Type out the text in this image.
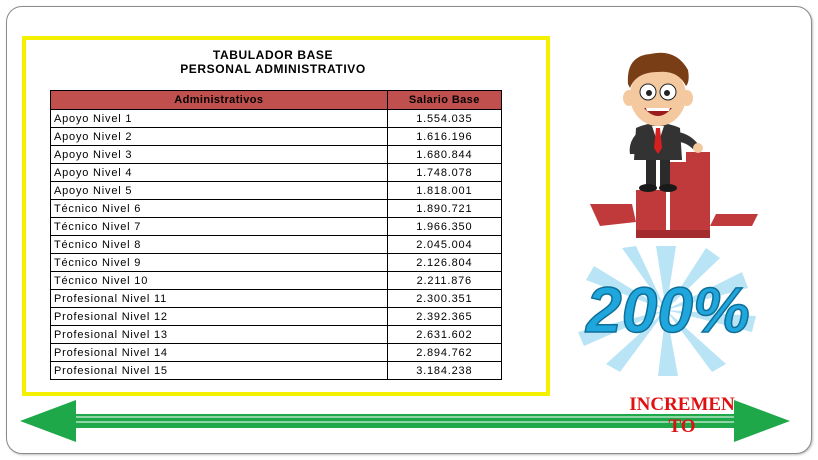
TABULADOR BASE
PERSONAL ADMINISTRATIVO
Administrativos	Salario Base
Apoyo Nivel 1	1.554.035
Apoyo Nivel 2	1.616.196
Apoyo Nivel 3	1.680.844
Apoyo Nivel 4	1.748.078
Apoyo Nivel 5	1.818.001
Técnico Nivel 6	1.890.721
Técnico Nivel 7	1.966.350
Técnico Nivel 8	2.045.004
Técnico Nivel 9	2.126.804
Técnico Nivel 10	2.211.876
Profesional Nivel 11	2.300.351
Profesional Nivel 12	2.392.365
Profesional Nivel 13	2.631.602
Profesional Nivel 14	2.894.762
Profesional Nivel 15	3.184.238
200%
INCREMEN
TO
